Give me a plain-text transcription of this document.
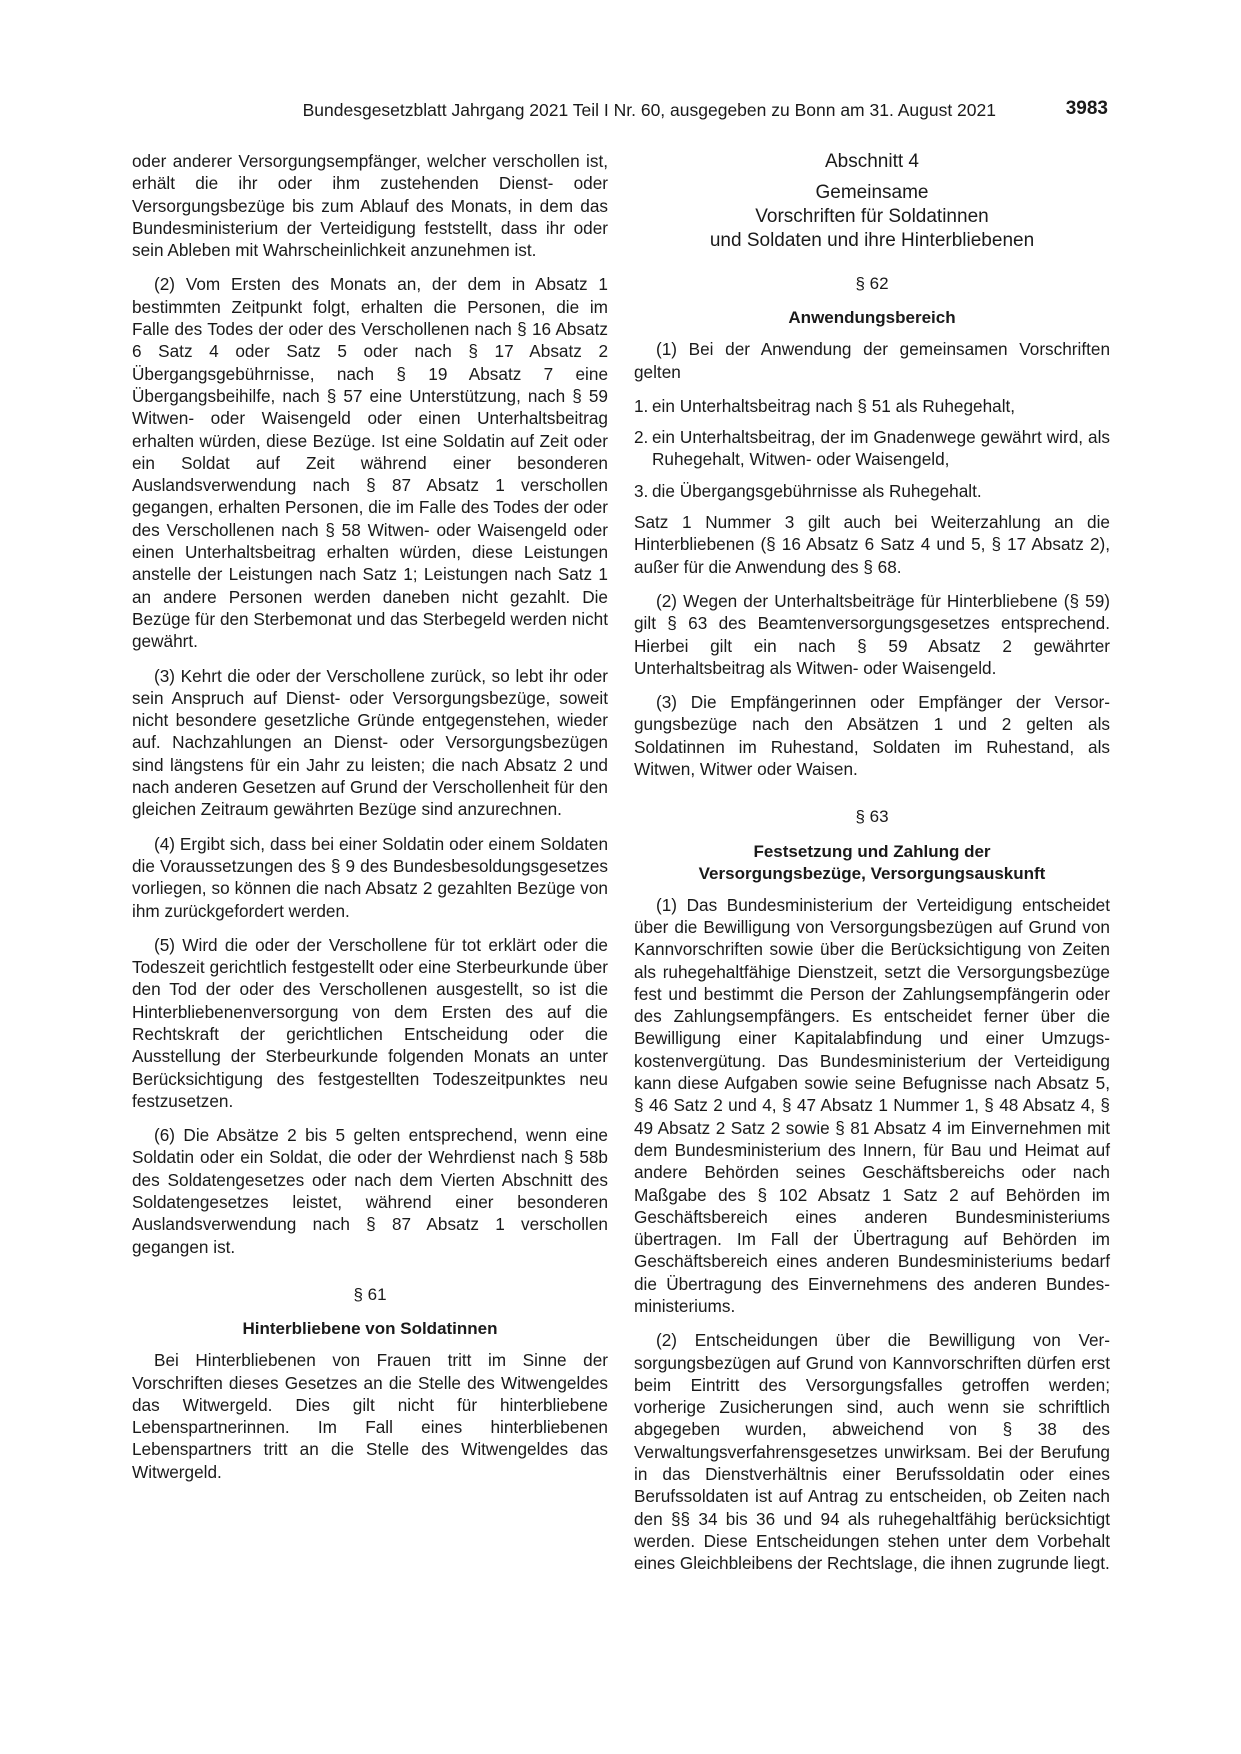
Bundesgesetzblatt Jahrgang 2021 Teil I Nr. 60, ausgegeben zu Bonn am 31. August 2021	3983

oder anderer Versorgungsempfänger, welcher verschollen ist, erhält die ihr oder ihm zustehenden Dienst- oder Versorgungsbezüge bis zum Ablauf des Monats, in dem das Bundesministerium der Verteidigung feststellt, dass ihr oder sein Ableben mit Wahrscheinlichkeit anzunehmen ist.

(2) Vom Ersten des Monats an, der dem in Absatz 1 bestimmten Zeitpunkt folgt, erhalten die Personen, die im Falle des Todes der oder des Verschollenen nach § 16 Absatz 6 Satz 4 oder Satz 5 oder nach § 17 Absatz 2 Übergangsgebührnisse, nach § 19 Absatz 7 eine Übergangsbeihilfe, nach § 57 eine Unterstützung, nach § 59 Witwen- oder Waisengeld oder einen Unterhaltsbeitrag erhalten würden, diese Bezüge. Ist eine Soldatin auf Zeit oder ein Soldat auf Zeit während einer besonderen Auslandsverwendung nach § 87 Absatz 1 verschollen gegangen, erhalten Personen, die im Falle des Todes der oder des Verschollenen nach § 58 Witwen- oder Waisengeld oder einen Unterhaltsbeitrag erhalten würden, diese Leistungen anstelle der Leistungen nach Satz 1; Leistungen nach Satz 1 an andere Personen werden daneben nicht gezahlt. Die Bezüge für den Sterbemonat und das Sterbegeld werden nicht gewährt.

(3) Kehrt die oder der Verschollene zurück, so lebt ihr oder sein Anspruch auf Dienst- oder Versorgungsbezüge, soweit nicht besondere gesetzliche Gründe entgegenstehen, wieder auf. Nachzahlungen an Dienst- oder Versorgungsbezügen sind längstens für ein Jahr zu leisten; die nach Absatz 2 und nach anderen Gesetzen auf Grund der Verschollenheit für den gleichen Zeitraum gewährten Bezüge sind anzurechnen.

(4) Ergibt sich, dass bei einer Soldatin oder einem Soldaten die Voraussetzungen des § 9 des Bundesbesoldungsgesetzes vorliegen, so können die nach Absatz 2 gezahlten Bezüge von ihm zurückgefordert werden.

(5) Wird die oder der Verschollene für tot erklärt oder die Todeszeit gerichtlich festgestellt oder eine Sterbeurkunde über den Tod der oder des Verschollenen ausgestellt, so ist die Hinterbliebenenversorgung von dem Ersten des auf die Rechtskraft der gerichtlichen Entscheidung oder die Ausstellung der Sterbeurkunde folgenden Monats an unter Berücksichtigung des festgestellten Todeszeitpunktes neu festzusetzen.

(6) Die Absätze 2 bis 5 gelten entsprechend, wenn eine Soldatin oder ein Soldat, die oder der Wehrdienst nach § 58b des Soldatengesetzes oder nach dem Vierten Abschnitt des Soldatengesetzes leistet, während einer besonderen Auslandsverwendung nach § 87 Absatz 1 verschollen gegangen ist.

§ 61
Hinterbliebene von Soldatinnen

Bei Hinterbliebenen von Frauen tritt im Sinne der Vorschriften dieses Gesetzes an die Stelle des Witwengeldes das Witwergeld. Dies gilt nicht für hinterbliebene Lebenspartnerinnen. Im Fall eines hinterbliebenen Lebenspartners tritt an die Stelle des Witwengeldes das Witwergeld.

Abschnitt 4
Gemeinsame
Vorschriften für Soldatinnen
und Soldaten und ihre Hinterbliebenen
§ 62
Anwendungsbereich

(1) Bei der Anwendung der gemeinsamen Vorschriften gelten

1. ein Unterhaltsbeitrag nach § 51 als Ruhegehalt,
2. ein Unterhaltsbeitrag, der im Gnadenwege gewährt wird, als Ruhegehalt, Witwen- oder Waisengeld,
3. die Übergangsgebührnisse als Ruhegehalt.

Satz 1 Nummer 3 gilt auch bei Weiterzahlung an die Hinterbliebenen (§ 16 Absatz 6 Satz 4 und 5, § 17 Absatz 2), außer für die Anwendung des § 68.

(2) Wegen der Unterhaltsbeiträge für Hinterbliebene (§ 59) gilt § 63 des Beamtenversorgungsgesetzes entsprechend. Hierbei gilt ein nach § 59 Absatz 2 gewährter Unterhaltsbeitrag als Witwen- oder Waisengeld.

(3) Die Empfängerinnen oder Empfänger der Versorgungsbezüge nach den Absätzen 1 und 2 gelten als Soldatinnen im Ruhestand, Soldaten im Ruhestand, als Witwen, Witwer oder Waisen.

§ 63
Festsetzung und Zahlung der
Versorgungsbezüge, Versorgungsauskunft

(1) Das Bundesministerium der Verteidigung entscheidet über die Bewilligung von Versorgungsbezügen auf Grund von Kannvorschriften sowie über die Berücksichtigung von Zeiten als ruhegehaltfähige Dienstzeit, setzt die Versorgungsbezüge fest und bestimmt die Person der Zahlungsempfängerin oder des Zahlungsempfängers. Es entscheidet ferner über die Bewilligung einer Kapitalabfindung und einer Umzugskostenvergütung. Das Bundesministerium der Verteidigung kann diese Aufgaben sowie seine Befugnisse nach Absatz 5, § 46 Satz 2 und 4, § 47 Absatz 1 Nummer 1, § 48 Absatz 4, § 49 Absatz 2 Satz 2 sowie § 81 Absatz 4 im Einvernehmen mit dem Bundesministerium des Innern, für Bau und Heimat auf andere Behörden seines Geschäftsbereichs oder nach Maßgabe des § 102 Absatz 1 Satz 2 auf Behörden im Geschäftsbereich eines anderen Bundesministeriums übertragen. Im Fall der Übertragung auf Behörden im Geschäftsbereich eines anderen Bundesministeriums bedarf die Übertragung des Einvernehmens des anderen Bundesministeriums.

(2) Entscheidungen über die Bewilligung von Versorgungsbezügen auf Grund von Kannvorschriften dürfen erst beim Eintritt des Versorgungsfalles getroffen werden; vorherige Zusicherungen sind, auch wenn sie schriftlich abgegeben wurden, abweichend von § 38 des Verwaltungsverfahrensgesetzes unwirksam. Bei der Berufung in das Dienstverhältnis einer Berufssoldatin oder eines Berufssoldaten ist auf Antrag zu entscheiden, ob Zeiten nach den §§ 34 bis 36 und 94 als ruhegehaltfähig berücksichtigt werden. Diese Entscheidungen stehen unter dem Vorbehalt eines Gleichbleibens der Rechtslage, die ihnen zugrunde liegt.
